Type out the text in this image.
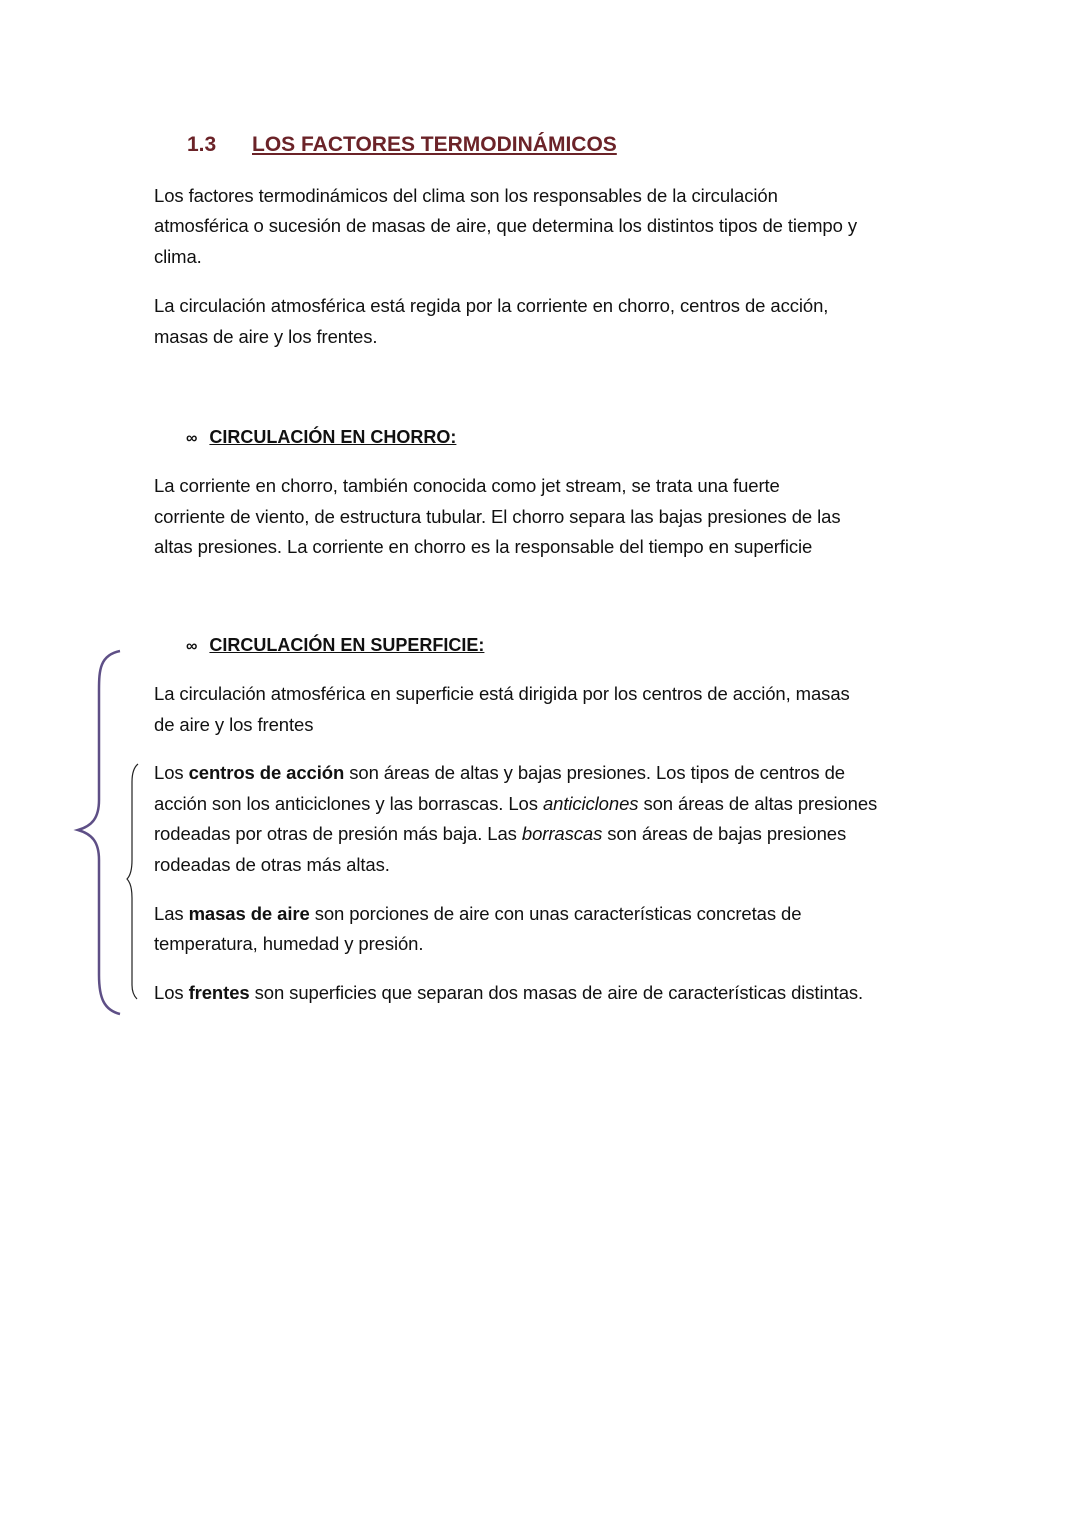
1.3 LOS FACTORES TERMODINÁMICOS
Los factores termodinámicos del clima son los responsables de la circulación
atmosférica o sucesión de masas de aire, que determina los distintos tipos de tiempo y
clima.
La circulación atmosférica está regida por la corriente en chorro, centros de acción,
masas de aire y los frentes.
∞ CIRCULACIÓN EN CHORRO:
La corriente en chorro, también conocida como jet stream, se trata una fuerte
corriente de viento, de estructura tubular. El chorro separa las bajas presiones de las
altas presiones. La corriente en chorro es la responsable del tiempo en superficie
∞ CIRCULACIÓN EN SUPERFICIE:
La circulación atmosférica en superficie está dirigida por los centros de acción, masas
de aire y los frentes
Los centros de acción son áreas de altas y bajas presiones. Los tipos de centros de
acción son los anticiclones y las borrascas. Los anticiclones son áreas de altas presiones
rodeadas por otras de presión más baja. Las borrascas son áreas de bajas presiones
rodeadas de otras más altas.
Las masas de aire son porciones de aire con unas características concretas de
temperatura, humedad y presión.
Los frentes son superficies que separan dos masas de aire de características distintas.
